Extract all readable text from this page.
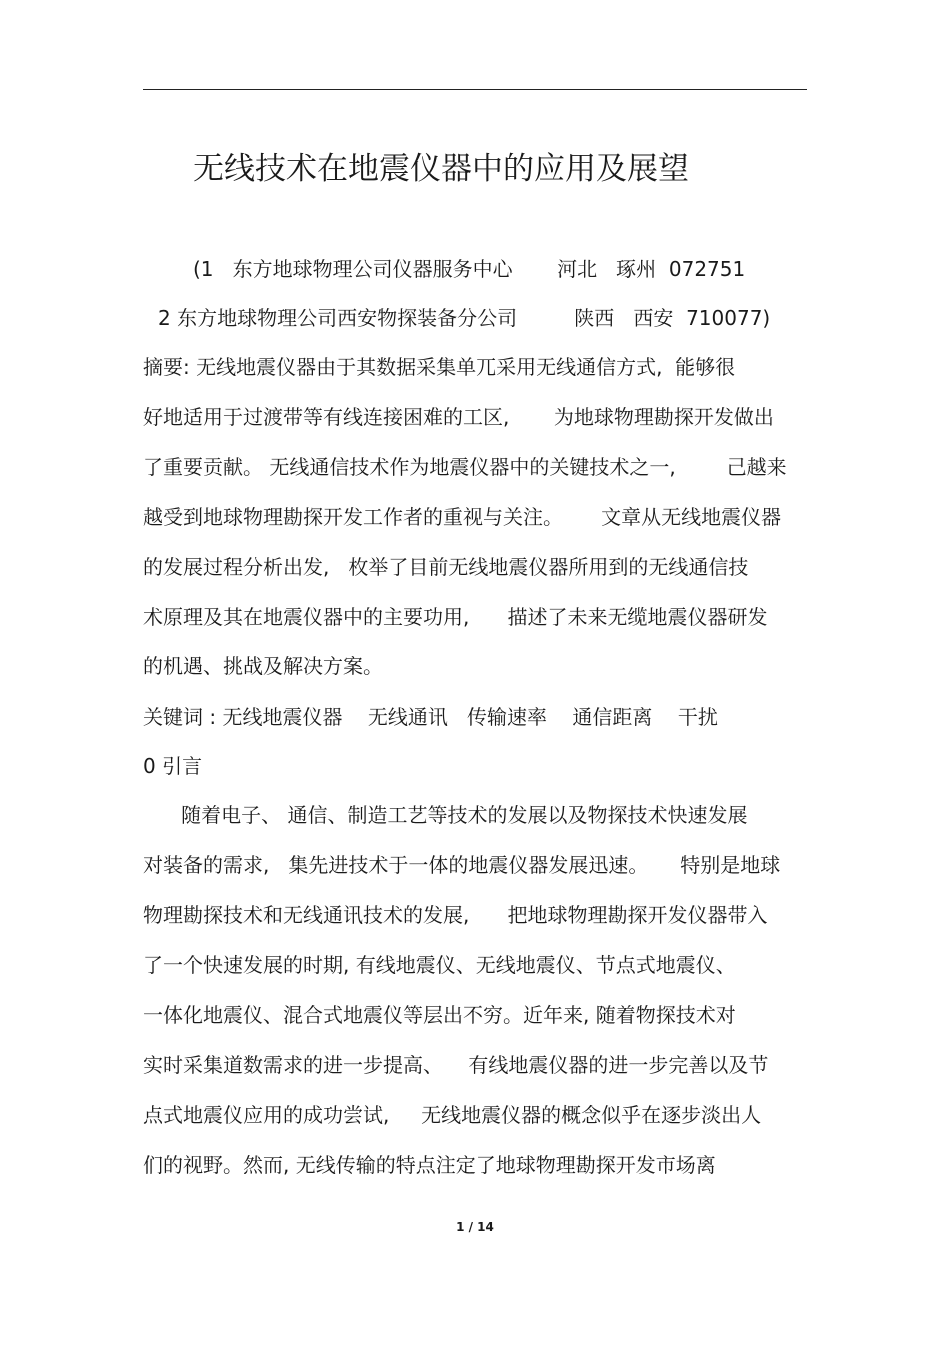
无线技术在地震仪器中的应用及展望

(1   东方地球物理公司仪器服务中心       河北   琢州  072751

2 东方地球物理公司西安物探装备分公司         陕西   西安  710077)

摘要: 无线地震仪器由于其数据采集单兀采用无线通信方式,  能够很

好地适用于过渡带等有线连接困难的工区,       为地球物理勘探开发做出

了重要贡献。 无线通信技术作为地震仪器中的关键技术之一,        己越来

越受到地球物理勘探开发工作者的重视与关注。      文章从无线地震仪器

的发展过程分析出发,   枚举了目前无线地震仪器所用到的无线通信技

术原理及其在地震仪器中的主要功用,      描述了未来无缆地震仪器研发

的机遇、挑战及解决方案。

关键词 : 无线地震仪器    无线通讯   传输速率    通信距离    干扰

0 引言

随着电子、 通信、制造工艺等技术的发展以及物探技术快速发展

对装备的需求,   集先进技术于一体的地震仪器发展迅速。     特别是地球

物理勘探技术和无线通讯技术的发展,      把地球物理勘探开发仪器带入

了一个快速发展的时期, 有线地震仪、无线地震仪、节点式地震仪、

一体化地震仪、混合式地震仪等层出不穷。近年来, 随着物探技术对

实时采集道数需求的进一步提高、    有线地震仪器的进一步完善以及节

点式地震仪应用的成功尝试,     无线地震仪器的概念似乎在逐步淡出人

们的视野。然而, 无线传输的特点注定了地球物理勘探开发市场离

1 / 14
